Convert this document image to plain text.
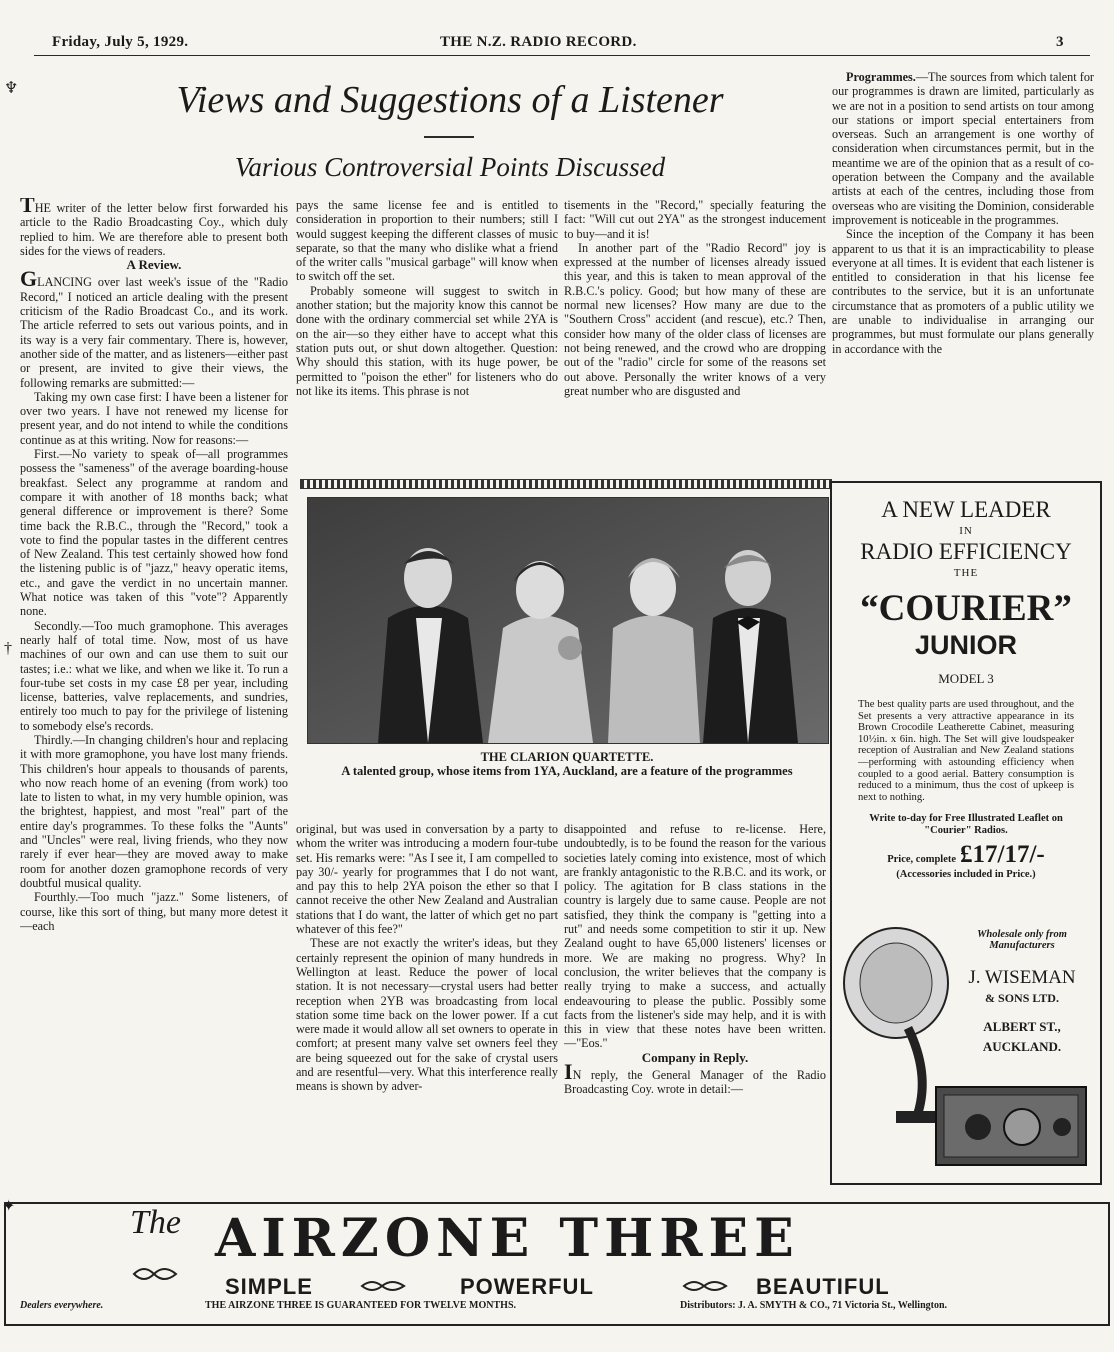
Friday, July 5, 1929.	THE N.Z. RADIO RECORD.	3
♆
†
✦
Views and Suggestions of a Listener
Various Controversial Points Discussed

THE writer of the letter below first forwarded his article to the Radio Broadcasting Coy., which duly replied to him. We are therefore able to present both sides for the views of readers.

A Review.

GLANCING over last week's issue of the "Radio Record," I noticed an article dealing with the present criticism of the Radio Broadcast Co., and its work. The article referred to sets out various points, and in its way is a very fair commentary. There is, however, another side of the matter, and as listeners—either past or present, are invited to give their views, the following remarks are submitted:—

Taking my own case first: I have been a listener for over two years. I have not renewed my license for present year, and do not intend to while the conditions continue as at this writing. Now for reasons:—

First.—No variety to speak of—all programmes possess the "sameness" of the average boarding-house breakfast. Select any programme at random and compare it with another of 18 months back; what general difference or improvement is there? Some time back the R.B.C., through the "Record," took a vote to find the popular tastes in the different centres of New Zealand. This test certainly showed how fond the listening public is of "jazz," heavy operatic items, etc., and gave the verdict in no uncertain manner. What notice was taken of this "vote"? Apparently none.

Secondly.—Too much gramophone. This averages nearly half of total time. Now, most of us have machines of our own and can use them to suit our tastes; i.e.: what we like, and when we like it. To run a four-tube set costs in my case £8 per year, including license, batteries, valve replacements, and sundries, entirely too much to pay for the privilege of listening to somebody else's records.

Thirdly.—In changing children's hour and replacing it with more gramophone, you have lost many friends. This children's hour appeals to thousands of parents, who now reach home of an evening (from work) too late to listen to what, in my very humble opinion, was the brightest, happiest, and most "real" part of the entire day's programmes. To these folks the "Aunts" and "Uncles" were real, living friends, who they now rarely if ever hear—they are moved away to make room for another dozen gramophone records of very doubtful musical quality.

Fourthly.—Too much "jazz." Some listeners, of course, like this sort of thing, but many more detest it—each

pays the same license fee and is entitled to consideration in proportion to their numbers; still I would suggest keeping the different classes of music separate, so that the many who dislike what a friend of the writer calls "musical garbage" will know when to switch off the set.

Probably someone will suggest to switch in another station; but the majority know this cannot be done with the ordinary commercial set while 2YA is on the air—so they either have to accept what this station puts out, or shut down altogether. Question: Why should this station, with its huge power, be permitted to "poison the ether" for listeners who do not like its items. This phrase is not

tisements in the "Record," specially featuring the fact: "Will cut out 2YA" as the strongest inducement to buy—and it is!

In another part of the "Radio Record" joy is expressed at the number of licenses already issued this year, and this is taken to mean approval of the R.B.C.'s policy. Good; but how many of these are normal new licenses? How many are due to the "Southern Cross" accident (and rescue), etc.? Then, consider how many of the older class of licenses are not being renewed, and the crowd who are dropping out of the "radio" circle for some of the reasons set out above. Personally the writer knows of a very great number who are disgusted and

Programmes.—The sources from which talent for our programmes is drawn are limited, particularly as we are not in a position to send artists on tour among our stations or import special entertainers from overseas. Such an arrangement is one worthy of consideration when circumstances permit, but in the meantime we are of the opinion that as a result of co-operation between the Company and the available artists at each of the centres, including those from overseas who are visiting the Dominion, considerable improvement is noticeable in the programmes.

Since the inception of the Company it has been apparent to us that it is an impracticability to please everyone at all times. It is evident that each listener is entitled to consideration in that his license fee contributes to the service, but it is an unfortunate circumstance that as promoters of a public utility we are unable to individualise in arranging our programmes, but must formulate our plans generally in accordance with the

THE CLARION QUARTETTE.
A talented group, whose items from 1YA, Auckland, are a feature of the programmes

original, but was used in conversation by a party to whom the writer was introducing a modern four-tube set. His remarks were: "As I see it, I am compelled to pay 30/- yearly for programmes that I do not want, and pay this to help 2YA poison the ether so that I cannot receive the other New Zealand and Australian stations that I do want, the latter of which get no part whatever of this fee?"

These are not exactly the writer's ideas, but they certainly represent the opinion of many hundreds in Wellington at least. Reduce the power of local station. It is not necessary—crystal users had better reception when 2YB was broadcasting from local station some time back on the lower power. If a cut were made it would allow all set owners to operate in comfort; at present many valve set owners feel they are being squeezed out for the sake of crystal users and are resentful—very. What this interference really means is shown by adver-

disappointed and refuse to re-license. Here, undoubtedly, is to be found the reason for the various societies lately coming into existence, most of which are frankly antagonistic to the R.B.C. and its work, or policy. The agitation for B class stations in the country is largely due to same cause. People are not satisfied, they think the company is "getting into a rut" and needs some competition to stir it up. New Zealand ought to have 65,000 listeners' licenses or more. We are making no progress. Why? In conclusion, the writer believes that the company is really trying to make a success, and actually endeavouring to please the public. Possibly some facts from the listener's side may help, and it is with this in view that these notes have been written.—"Eos."

Company in Reply.

IN reply, the General Manager of the Radio Broadcasting Coy. wrote in detail:—

A NEW LEADER
IN
RADIO EFFICIENCY
THE
“COURIER”
JUNIOR
MODEL 3
The best quality parts are used throughout, and the Set presents a very attractive appearance in its Brown Crocodile Leatherette Cabinet, measuring 10½in. x 6in. high. The Set will give loudspeaker reception of Australian and New Zealand stations—performing with astounding efficiency when coupled to a good aerial. Battery consumption is reduced to a minimum, thus the cost of upkeep is next to nothing.
Write to-day for Free Illustrated Leaflet on "Courier" Radios.
Price, complete £17/17/-
(Accessories included in Price.)
Wholesale only from Manufacturers
J. WISEMAN
& SONS LTD.
ALBERT ST.,
AUCKLAND.
The AIRZONE THREE
SIMPLE	POWERFUL	BEAUTIFUL
Dealers everywhere.	THE AIRZONE THREE IS GUARANTEED FOR TWELVE MONTHS.	Distributors: J. A. SMYTH & CO., 71 Victoria St., Wellington.
